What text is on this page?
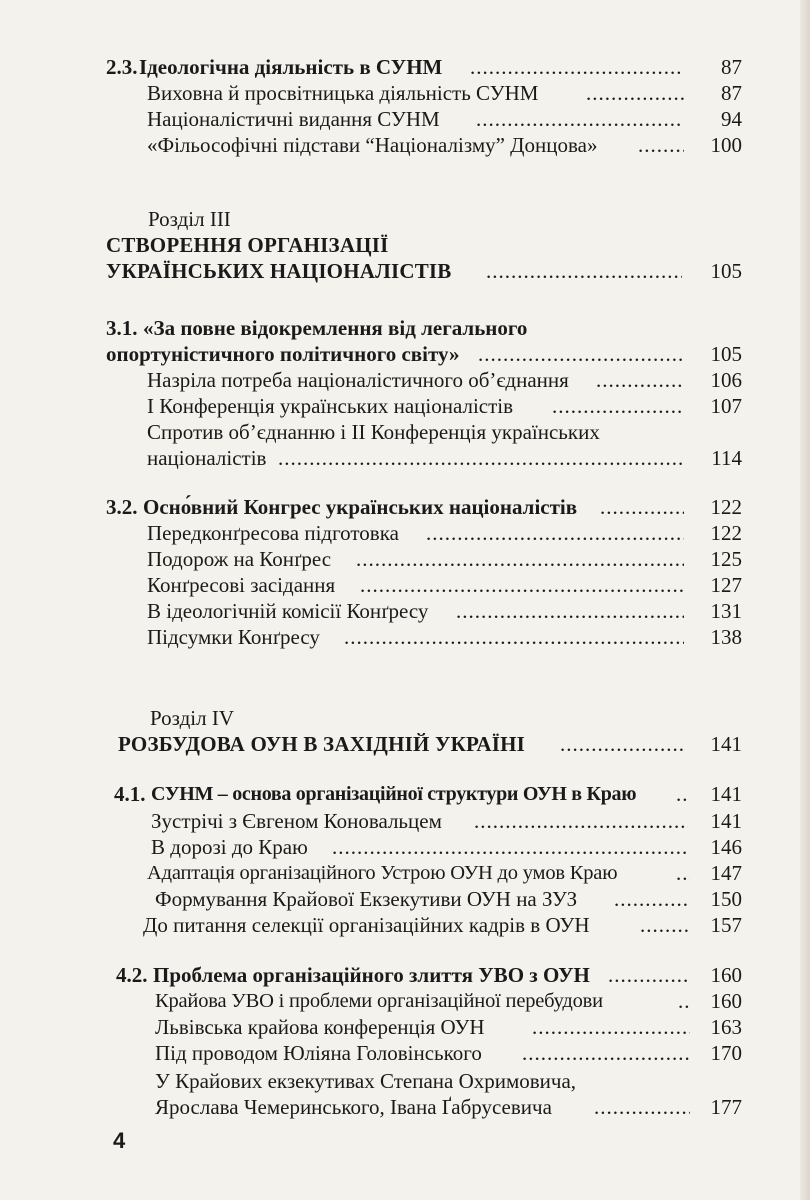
2.3. Ідеологічна діяльність в СУНМ .....	87
Виховна й просвітницька діяльність СУНМ .....	87
Націоналістичні видання СУНМ .....	94
«Фільософічні підстави “Націоналізму” Донцова» .....	100
Розділ III
СТВОРЕННЯ ОРГАНІЗАЦІЇ
УКРАЇНСЬКИХ НАЦІОНАЛІСТІВ .....	105
3.1. «За повне відокремлення від легального
опортуністичного політичного світу» .....	105
Назріла потреба націоналістичного об’єднання .....	106
І Конференція українських націоналістів .....	107
Спротив об’єднанню і ІІ Конференція українських
націоналістів .....	114
3.2. Осно́вний Конгрес українських націоналістів .....	122
Передконґресова підготовка .....	122
Подорож на Конґрес .....	125
Конґресові засідання .....	127
В ідеологічній комісії Конґресу .....	131
Підсумки Конґресу .....	138
Розділ IV
РОЗБУДОВА ОУН В ЗАХІДНІЙ УКРАЇНІ .....	141
4.1. СУНМ – основа організаційної структури ОУН в Краю .....	141
Зустрічі з Євгеном Коновальцем .....	141
В дорозі до Краю .....	146
Адаптація організаційного Устрою ОУН до умов Краю .....	147
Формування Крайової Екзекутиви ОУН на ЗУЗ .....	150
До питання селекції організаційних кадрів в ОУН .....	157
4.2. Проблема організаційного злиття УВО з ОУН .....	160
Крайова УВО і проблеми організаційної перебудови .....	160
Львівська крайова конференція ОУН .....	163
Під проводом Юліяна Головінського .....	170
У Крайових екзекутивах Степана Охримовича,
Ярослава Чемеринського, Івана Ґабрусевича .....	177
4
